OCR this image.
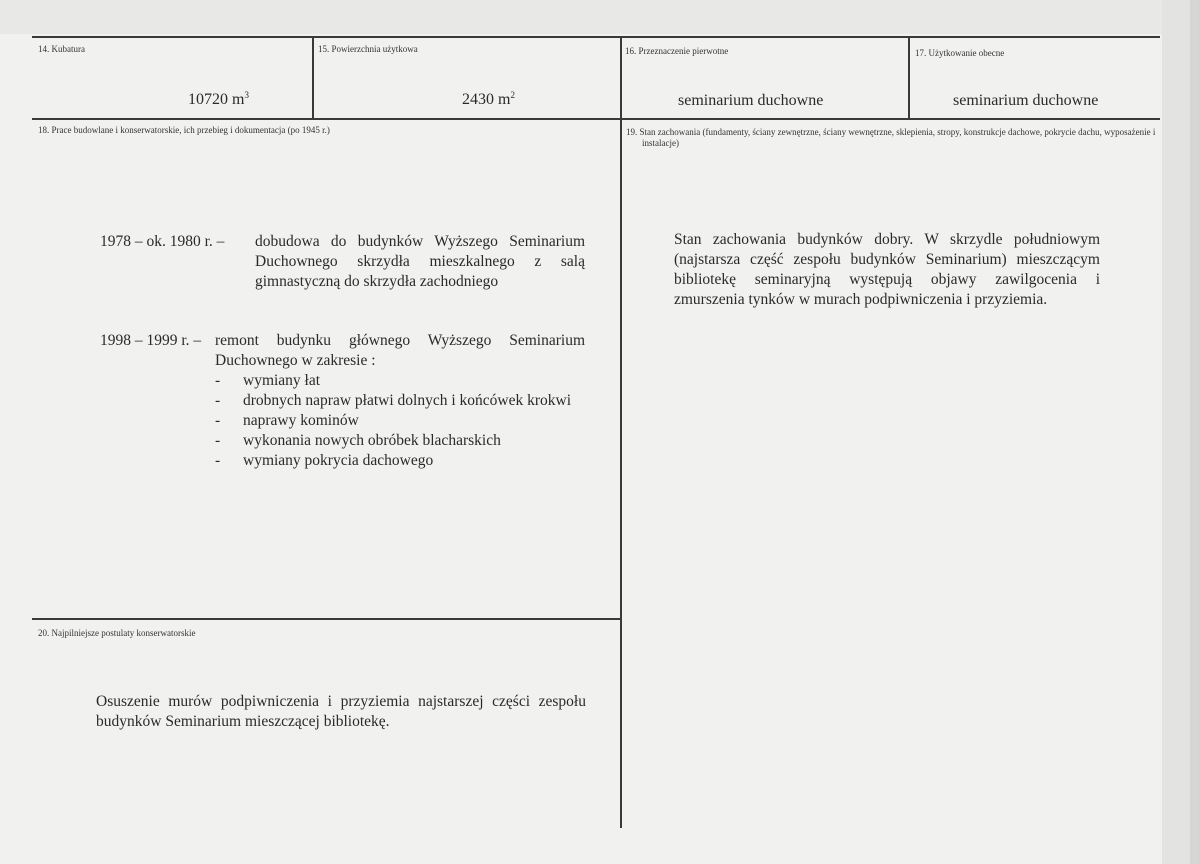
14. Kubatura
10720 $m^3$
15. Powierzchnia użytkowa
2430 $m^2$
16. Przeznaczenie pierwotne
seminarium duchowne
17. Użytkowanie obecne
seminarium duchowne
18. Prace budowlane i konserwatorskie, ich przebieg i dokumentacja (po 1945 r.)
1978 – ok. 1980 r. – dobudowa do budynków Wyższego Seminarium Duchownego skrzydła mieszkalnego z salą gimnastyczną do skrzydła zachodniego
1998 – 1999 r. – remont budynku głównego Wyższego Seminarium Duchownego w zakresie :
- wymiany łat
- drobnych napraw płatwi dolnych i końcówek krokwi
- naprawy kominów
- wykonania nowych obróbek blacharskich
- wymiany pokrycia dachowego
19. Stan zachowania (fundamenty, ściany zewnętrzne, ściany wewnętrzne, sklepienia, stropy, konstrukcje dachowe, pokrycie dachu, wyposażenie i instalacje)
Stan zachowania budynków dobry. W skrzydle południowym (najstarsza część zespołu budynków Seminarium) mieszczącym bibliotekę seminaryjną występują objawy zawilgocenia i zmurszenia tynków w murach podpiwniczenia i przyziemia.
20. Najpilniejsze postulaty konserwatorskie
Osuszenie murów podpiwniczenia i przyziemia najstarszej części zespołu budynków Seminarium mieszczącej bibliotekę.
